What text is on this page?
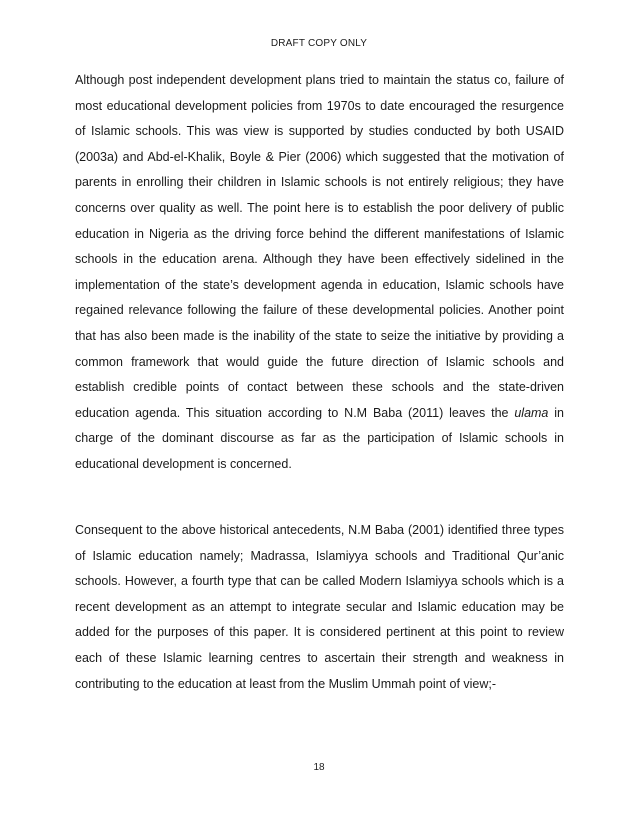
DRAFT COPY ONLY

Although post independent development plans tried to maintain the status co, failure of most educational development policies from 1970s to date encouraged the resurgence of Islamic schools. This was view is supported by studies conducted by both USAID (2003a) and Abd-el-Khalik, Boyle & Pier (2006) which suggested that the motivation of parents in enrolling their children in Islamic schools is not entirely religious; they have concerns over quality as well. The point here is to establish the poor delivery of public education in Nigeria as the driving force behind the different manifestations of Islamic schools in the education arena. Although they have been effectively sidelined in the implementation of the state’s development agenda in education, Islamic schools have regained relevance following the failure of these developmental policies. Another point that has also been made is the inability of the state to seize the initiative by providing a common framework that would guide the future direction of Islamic schools and establish credible points of contact between these schools and the state-driven education agenda. This situation according to N.M Baba (2011) leaves the ulama in charge of the dominant discourse as far as the participation of Islamic schools in educational development is concerned.

Consequent to the above historical antecedents, N.M Baba (2001) identified three types of Islamic education namely; Madrassa, Islamiyya schools and Traditional Qur’anic schools. However, a fourth type that can be called Modern Islamiyya schools which is a recent development as an attempt to integrate secular and Islamic education may be added for the purposes of this paper. It is considered pertinent at this point to review each of these Islamic learning centres to ascertain their strength and weakness in contributing to the education at least from the Muslim Ummah point of view;-

18
